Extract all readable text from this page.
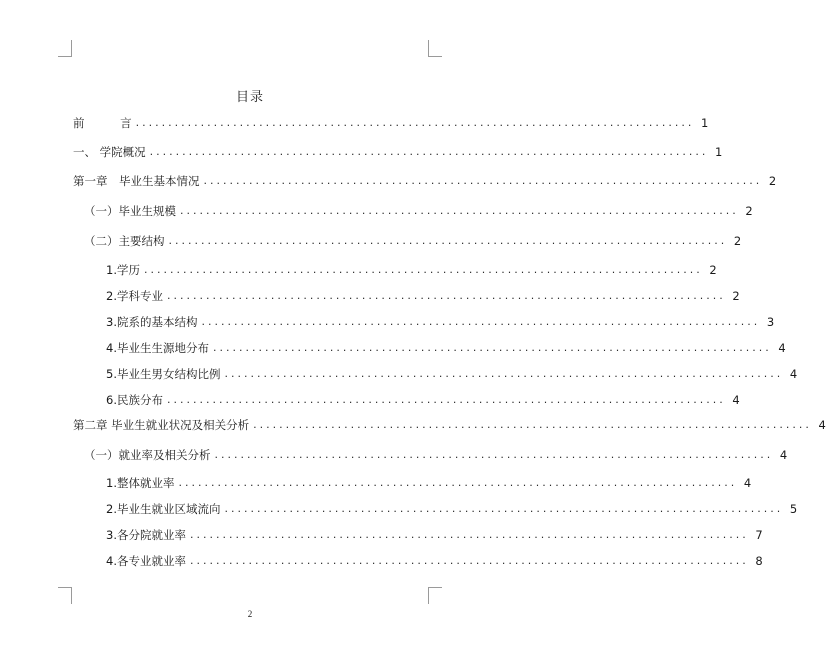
目录
前 言 ...................................................................................... 1
一、 学院概况 ...................................................................................... 1
第一章　毕业生基本情况 ...................................................................................... 2
（一）毕业生规模 ...................................................................................... 2
（二）主要结构 ...................................................................................... 2
1.学历 ...................................................................................... 2
2.学科专业 ...................................................................................... 2
3.院系的基本结构 ...................................................................................... 3
4.毕业生生源地分布 ...................................................................................... 4
5.毕业生男女结构比例 ...................................................................................... 4
6.民族分布 ...................................................................................... 4
第二章 毕业生就业状况及相关分析 ...................................................................................... 4
（一）就业率及相关分析 ...................................................................................... 4
1.整体就业率 ...................................................................................... 4
2.毕业生就业区域流向 ...................................................................................... 5
3.各分院就业率 ...................................................................................... 7
4.各专业就业率 ...................................................................................... 8
2
